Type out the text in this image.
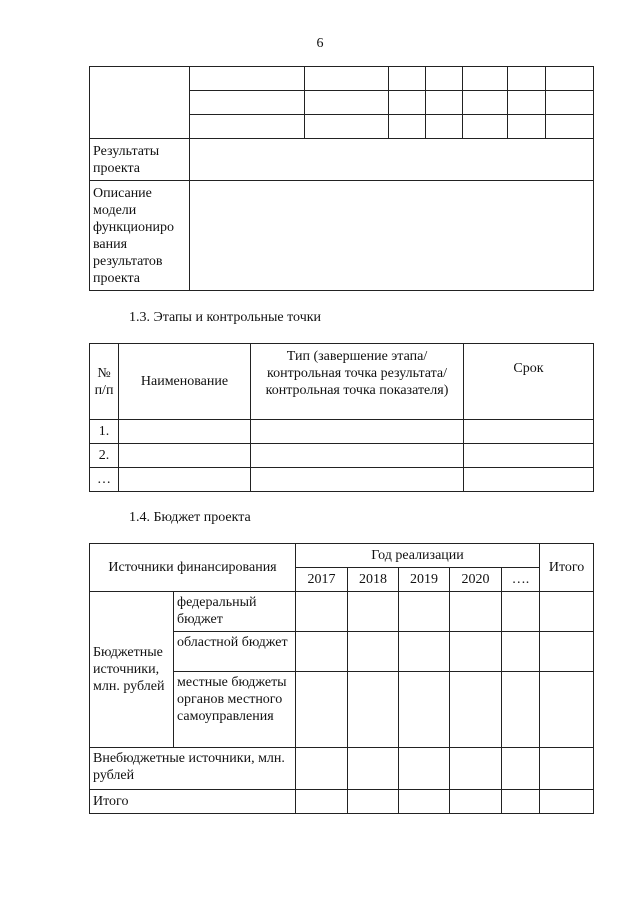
6

Результаты проекта							
Описание модели функциониро вания результатов проекта							
1.3. Этапы и контрольные точки
№ п/п	Наименование	Тип (завершение этапа/контрольная точка результата/контрольная точка показателя)	Срок
1.			
2.			
…			
1.4. Бюджет проекта
Источники финансирования		Год реализации					Итого
		2017	2018	2019	2020	….	
Бюджетные источники, млн. рублей	федеральный бюджет						
	областной бюджет						
	местные бюджеты органов местного самоуправления						
Внебюджетные источники, млн. рублей							
Итого							
